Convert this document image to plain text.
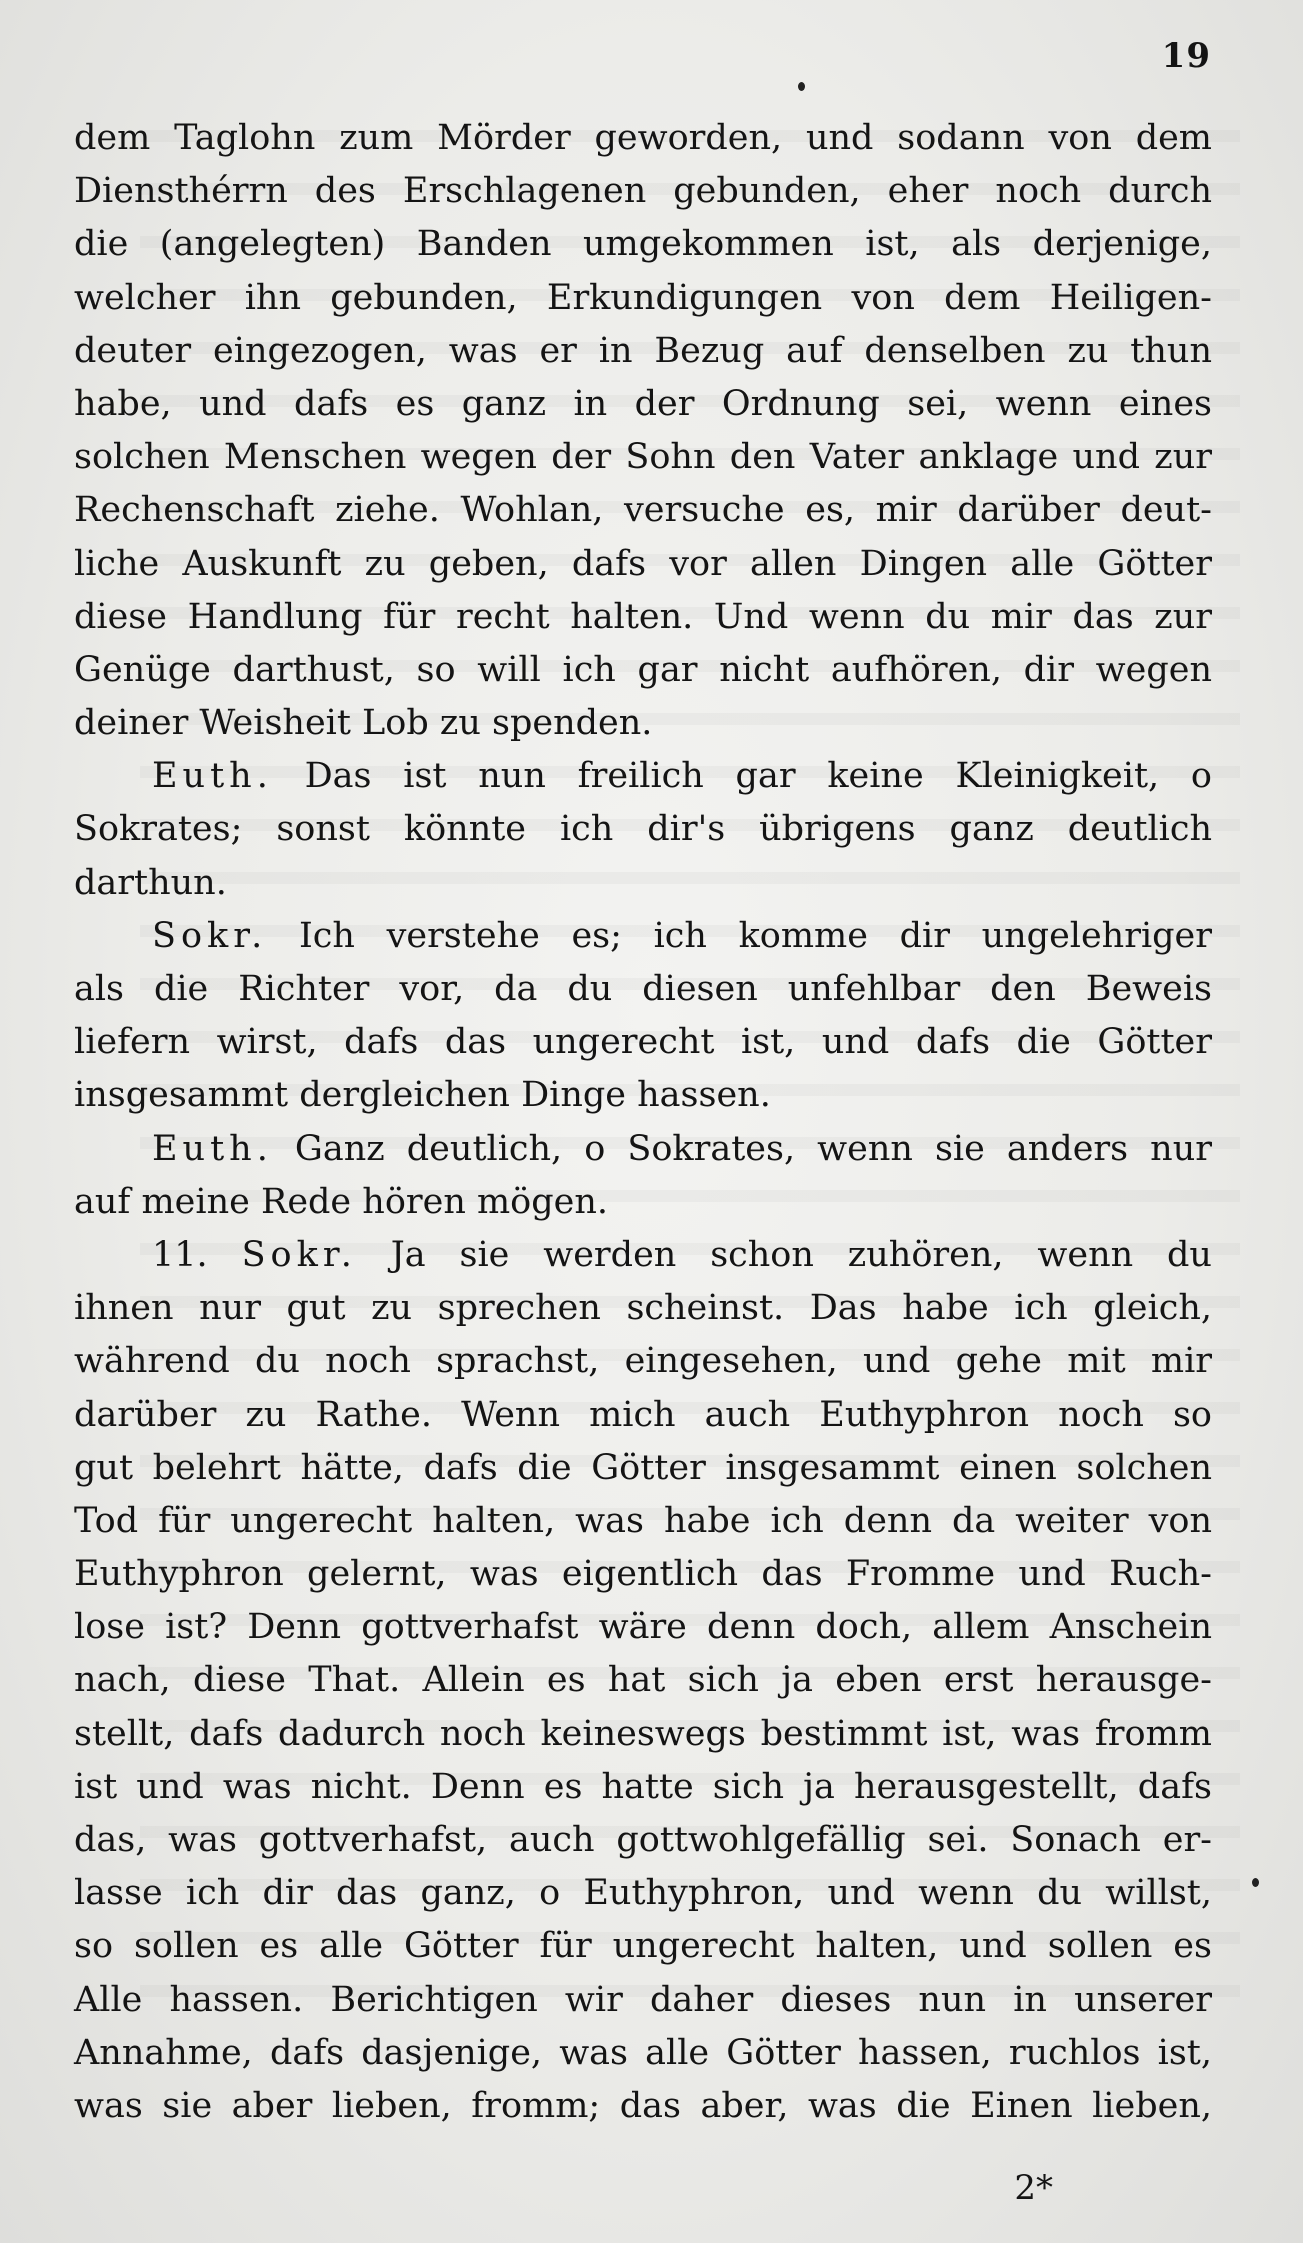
19
dem Taglohn zum Mörder geworden, und sodann von dem
Diensthérrn des Erschlagenen gebunden, eher noch durch
die (angelegten) Banden umgekommen ist, als derjenige,
welcher ihn gebunden, Erkundigungen von dem Heiligen-
deuter eingezogen, was er in Bezug auf denselben zu thun
habe, und dafs es ganz in der Ordnung sei, wenn eines
solchen Menschen wegen der Sohn den Vater anklage und zur
Rechenschaft ziehe. Wohlan, versuche es, mir darüber deut-
liche Auskunft zu geben, dafs vor allen Dingen alle Götter
diese Handlung für recht halten. Und wenn du mir das zur
Genüge darthust, so will ich gar nicht aufhören, dir wegen
deiner Weisheit Lob zu spenden.
Euth. Das ist nun freilich gar keine Kleinigkeit, o
Sokrates; sonst könnte ich dir's übrigens ganz deutlich
darthun.
Sokr. Ich verstehe es; ich komme dir ungelehriger
als die Richter vor, da du diesen unfehlbar den Beweis
liefern wirst, dafs das ungerecht ist, und dafs die Götter
insgesammt dergleichen Dinge hassen.
Euth. Ganz deutlich, o Sokrates, wenn sie anders nur
auf meine Rede hören mögen.
11. Sokr. Ja sie werden schon zuhören, wenn du
ihnen nur gut zu sprechen scheinst. Das habe ich gleich,
während du noch sprachst, eingesehen, und gehe mit mir
darüber zu Rathe. Wenn mich auch Euthyphron noch so
gut belehrt hätte, dafs die Götter insgesammt einen solchen
Tod für ungerecht halten, was habe ich denn da weiter von
Euthyphron gelernt, was eigentlich das Fromme und Ruch-
lose ist? Denn gottverhafst wäre denn doch, allem Anschein
nach, diese That. Allein es hat sich ja eben erst herausge-
stellt, dafs dadurch noch keineswegs bestimmt ist, was fromm
ist und was nicht. Denn es hatte sich ja herausgestellt, dafs
das, was gottverhafst, auch gottwohlgefällig sei. Sonach er-
lasse ich dir das ganz, o Euthyphron, und wenn du willst,
so sollen es alle Götter für ungerecht halten, und sollen es
Alle hassen. Berichtigen wir daher dieses nun in unserer
Annahme, dafs dasjenige, was alle Götter hassen, ruchlos ist,
was sie aber lieben, fromm; das aber, was die Einen lieben,
2*
